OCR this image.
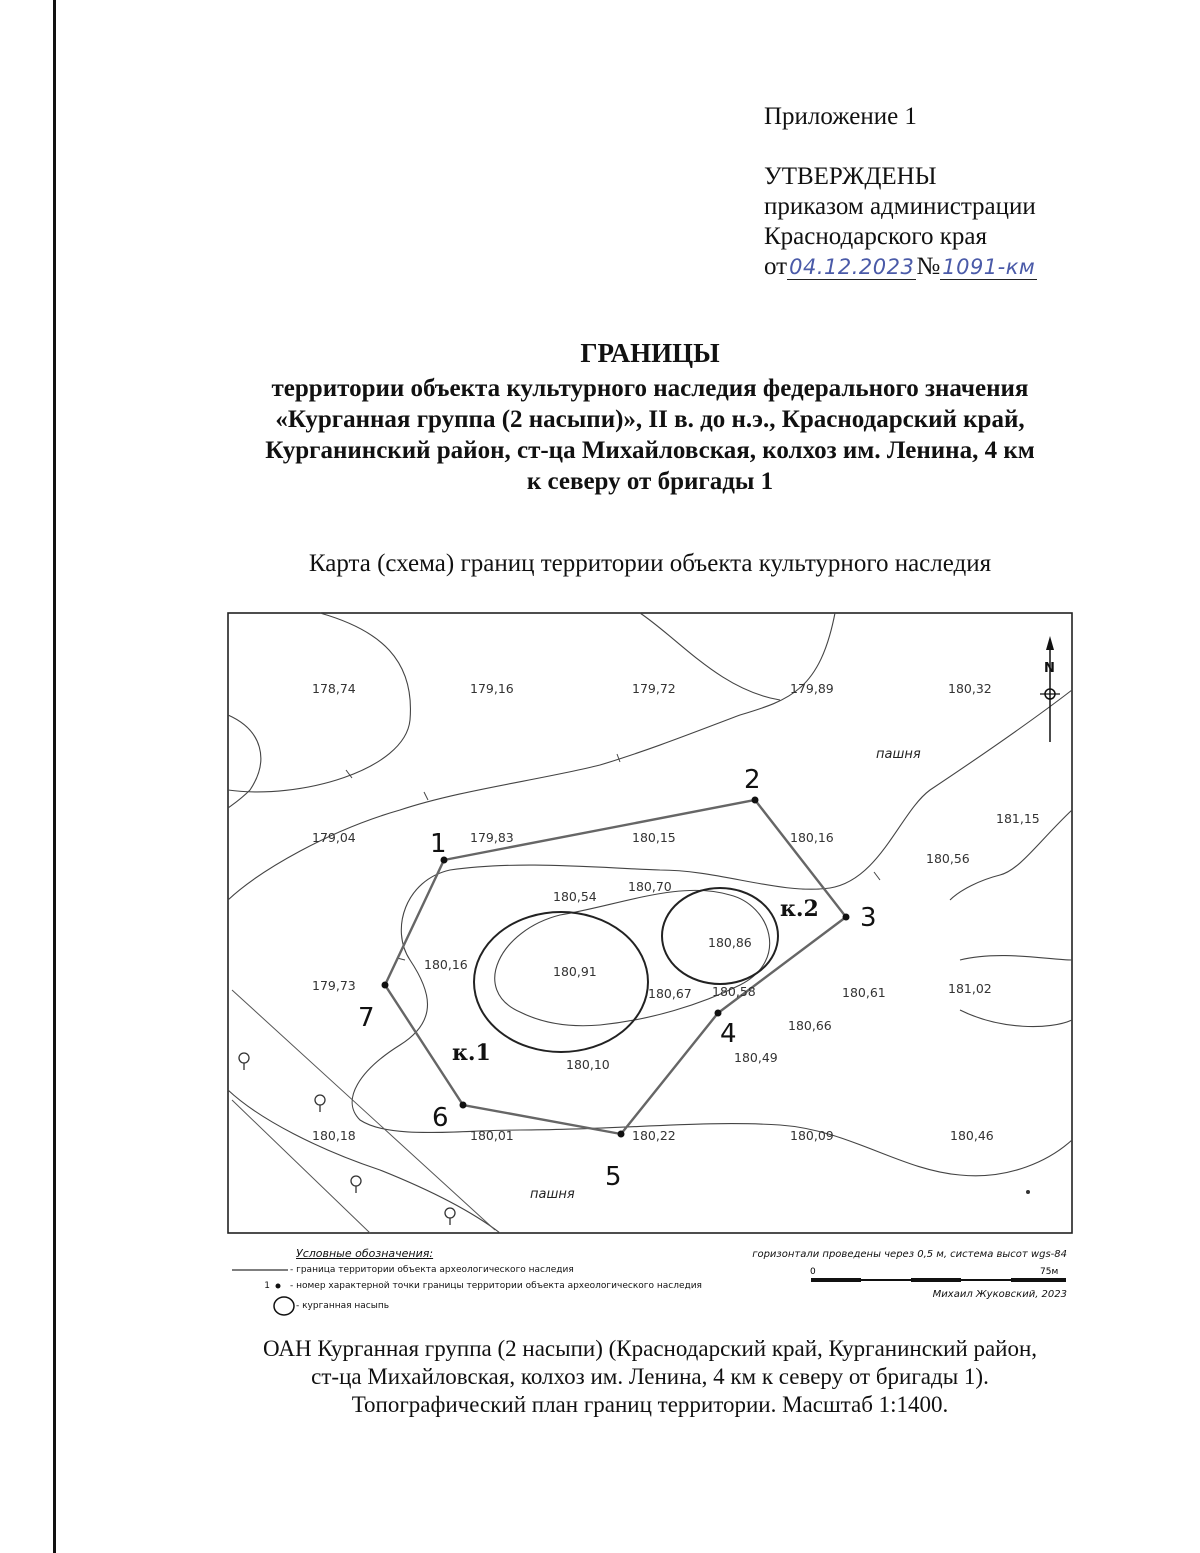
Приложение 1
УТВЕРЖДЕНЫ
приказом администрации
Краснодарского края
от04.12.2023№1091-км
ГРАНИЦЫ
территории объекта культурного наследия федерального значения
«Курганная группа (2 насыпи)», II в. до н.э., Краснодарский край,
Курганинский район, ст-ца Михайловская, колхоз им. Ленина, 4 км
к северу от бригады 1
Карта (схема) границ территории объекта культурного наследия
1
2
3
4
5
6
7
к.1
к.2
178,74	179,16	179,72	179,89	180,32
179,83	180,15	180,16
181,15
180,56
179,04
180,54
180,70
180,86
180,91
180,16
179,73
180,67 180,58	180,61	181,02
180,66
180,49
180,10
180,18	180,01	180,22	180,09	180,46
пашня
пашня
N
Условные обозначения:
- граница территории объекта археологического наследия
1 - номер характерной точки границы территории объекта археологического наследия
- курганная насыпь
горизонтали проведены через 0,5 м, система высот wgs-84
0	75м
Михаил Жуковский, 2023
ОАН Курганная группа (2 насыпи) (Краснодарский край, Курганинский район,
ст-ца Михайловская, колхоз им. Ленина, 4 км к северу от бригады 1).
Топографический план границ территории. Масштаб 1:1400.
